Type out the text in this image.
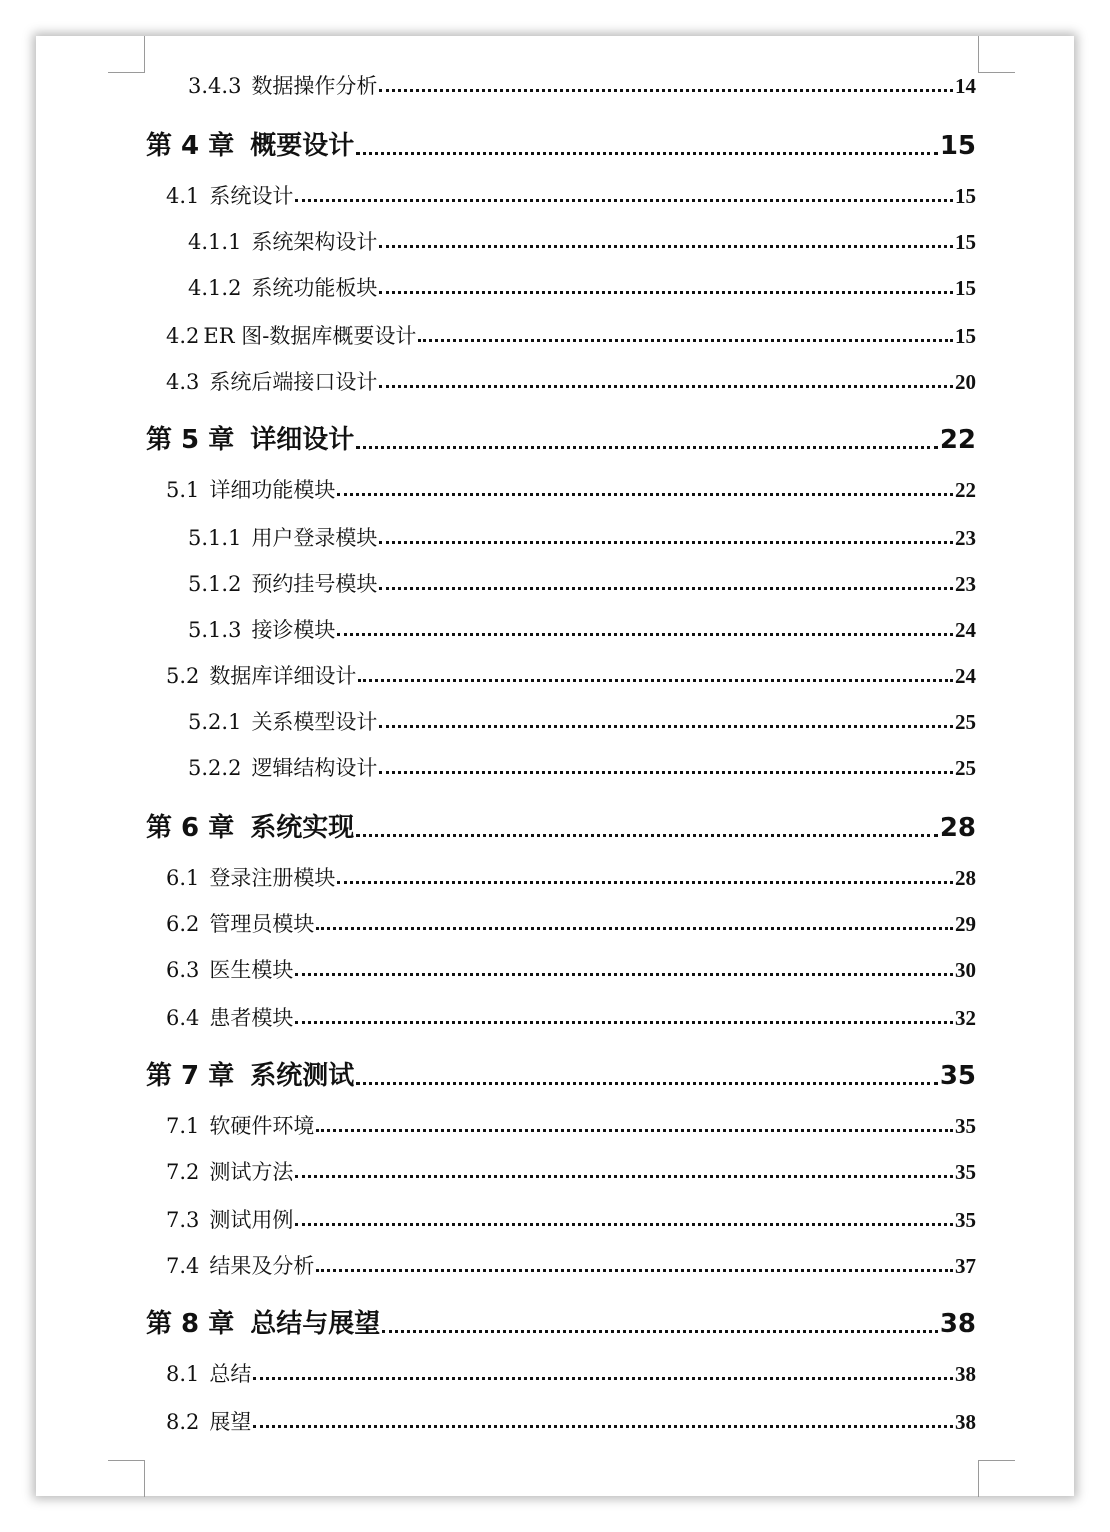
3.4.3 数据操作分析	14
第 4 章 概要设计	15
4.1 系统设计	15
4.1.1 系统架构设计	15
4.1.2 系统功能板块	15
4.2 ER 图-数据库概要设计	15
4.3 系统后端接口设计	20
第 5 章 详细设计	22
5.1 详细功能模块	22
5.1.1 用户登录模块	23
5.1.2 预约挂号模块	23
5.1.3 接诊模块	24
5.2 数据库详细设计	24
5.2.1 关系模型设计	25
5.2.2 逻辑结构设计	25
第 6 章 系统实现	28
6.1 登录注册模块	28
6.2 管理员模块	29
6.3 医生模块	30
6.4 患者模块	32
第 7 章 系统测试	35
7.1 软硬件环境	35
7.2 测试方法	35
7.3 测试用例	35
7.4 结果及分析	37
第 8 章 总结与展望	38
8.1 总结	38
8.2 展望	38
